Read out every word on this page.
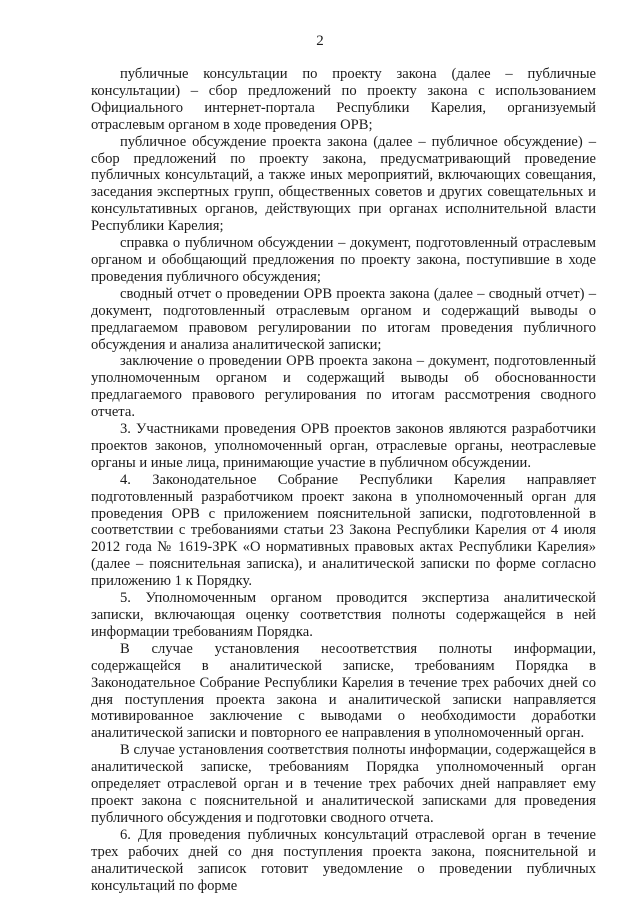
2

публичные консультации по проекту закона (далее – публичные консультации) – сбор предложений по проекту закона с использованием Официального интернет-портала Республики Карелия, организуемый отраслевым органом в ходе проведения ОРВ;

публичное обсуждение проекта закона (далее – публичное обсуждение) – сбор предложений по проекту закона, предусматривающий проведение публичных консультаций, а также иных мероприятий, включающих совещания, заседания экспертных групп, общественных советов и других совещательных и консультативных органов, действующих при органах исполнительной власти Республики Карелия;

справка о публичном обсуждении – документ, подготовленный отраслевым органом и обобщающий предложения по проекту закона, поступившие в ходе проведения публичного обсуждения;

сводный отчет о проведении ОРВ проекта закона (далее – сводный отчет) – документ, подготовленный отраслевым органом и содержащий выводы о предлагаемом правовом регулировании по итогам проведения публичного обсуждения и анализа аналитической записки;

заключение о проведении ОРВ проекта закона – документ, подготовленный уполномоченным органом и содержащий выводы об обоснованности предлагаемого правового регулирования по итогам рассмотрения сводного отчета.

3. Участниками проведения ОРВ проектов законов являются разработчики проектов законов, уполномоченный орган, отраслевые органы, неотраслевые органы и иные лица, принимающие участие в публичном обсуждении.

4. Законодательное Собрание Республики Карелия направляет подготовленный разработчиком проект закона в уполномоченный орган для проведения ОРВ с приложением пояснительной записки, подготовленной в соответствии с требованиями статьи 23 Закона Республики Карелия от 4 июля 2012 года № 1619-ЗРК «О нормативных правовых актах Республики Карелия» (далее – пояснительная записка), и аналитической записки по форме согласно приложению 1 к Порядку.

5. Уполномоченным органом проводится экспертиза аналитической записки, включающая оценку соответствия полноты содержащейся в ней информации требованиям Порядка.

В случае установления несоответствия полноты информации, содержащейся в аналитической записке, требованиям Порядка в Законодательное Собрание Республики Карелия в течение трех рабочих дней со дня поступления проекта закона и аналитической записки направляется мотивированное заключение с выводами о необходимости доработки аналитической записки и повторного ее направления в уполномоченный орган.

В случае установления соответствия полноты информации, содержащейся в аналитической записке, требованиям Порядка уполномоченный орган определяет отраслевой орган и в течение трех рабочих дней направляет ему проект закона с пояснительной и аналитической записками для проведения публичного обсуждения и подготовки сводного отчета.

6. Для проведения публичных консультаций отраслевой орган в течение трех рабочих дней со дня поступления проекта закона, пояснительной и аналитической записок готовит уведомление о проведении публичных консультаций по форме
